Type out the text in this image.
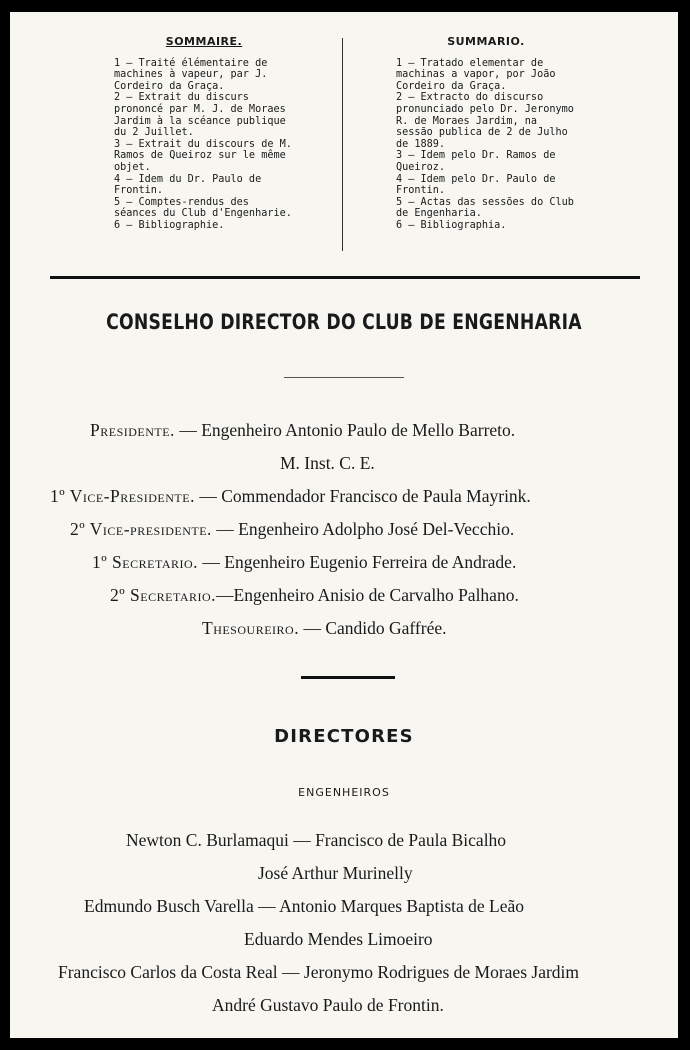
SOMMAIRE.
1 — Traité élémentaire de machines à vapeur, par J. Cordeiro da Graça.
2 — Extrait du discurs prononcé par M. J. de Moraes Jardim à la scéance publique du 2 Juillet.
3 — Extrait du discours de M. Ramos de Queiroz sur le même objet.
4 — Idem du Dr. Paulo de Frontin.
5 — Comptes-rendus des séances du Club d'Engenharie.
6 — Bibliographie.
SUMMARIO.
1 — Tratado elementar de machinas a vapor, por João Cordeiro da Graça.
2 — Extracto do discurso pronunciado pelo Dr. Jeronymo R. de Moraes Jardim, na sessão publica de 2 de Julho de 1889.
3 — Idem pelo Dr. Ramos de Queiroz.
4 — Idem pelo Dr. Paulo de Frontin.
5 — Actas das sessões do Club de Engenharia.
6 — Bibliographia.
CONSELHO DIRECTOR DO CLUB DE ENGENHARIA
Presidente. — Engenheiro Antonio Paulo de Mello Barreto.
M. Inst. C. E.
1º Vice-Presidente. — Commendador Francisco de Paula Mayrink.
2º Vice-presidente. — Engenheiro Adolpho José Del-Vecchio.
1º Secretario. — Engenheiro Eugenio Ferreira de Andrade.
2º Secretario.—Engenheiro Anisio de Carvalho Palhano.
Thesoureiro. — Candido Gaffrée.
DIRECTORES
ENGENHEIROS
Newton C. Burlamaqui — Francisco de Paula Bicalho
José Arthur Murinelly
Edmundo Busch Varella — Antonio Marques Baptista de Leão
Eduardo Mendes Limoeiro
Francisco Carlos da Costa Real — Jeronymo Rodrigues de Moraes Jardim
André Gustavo Paulo de Frontin.
